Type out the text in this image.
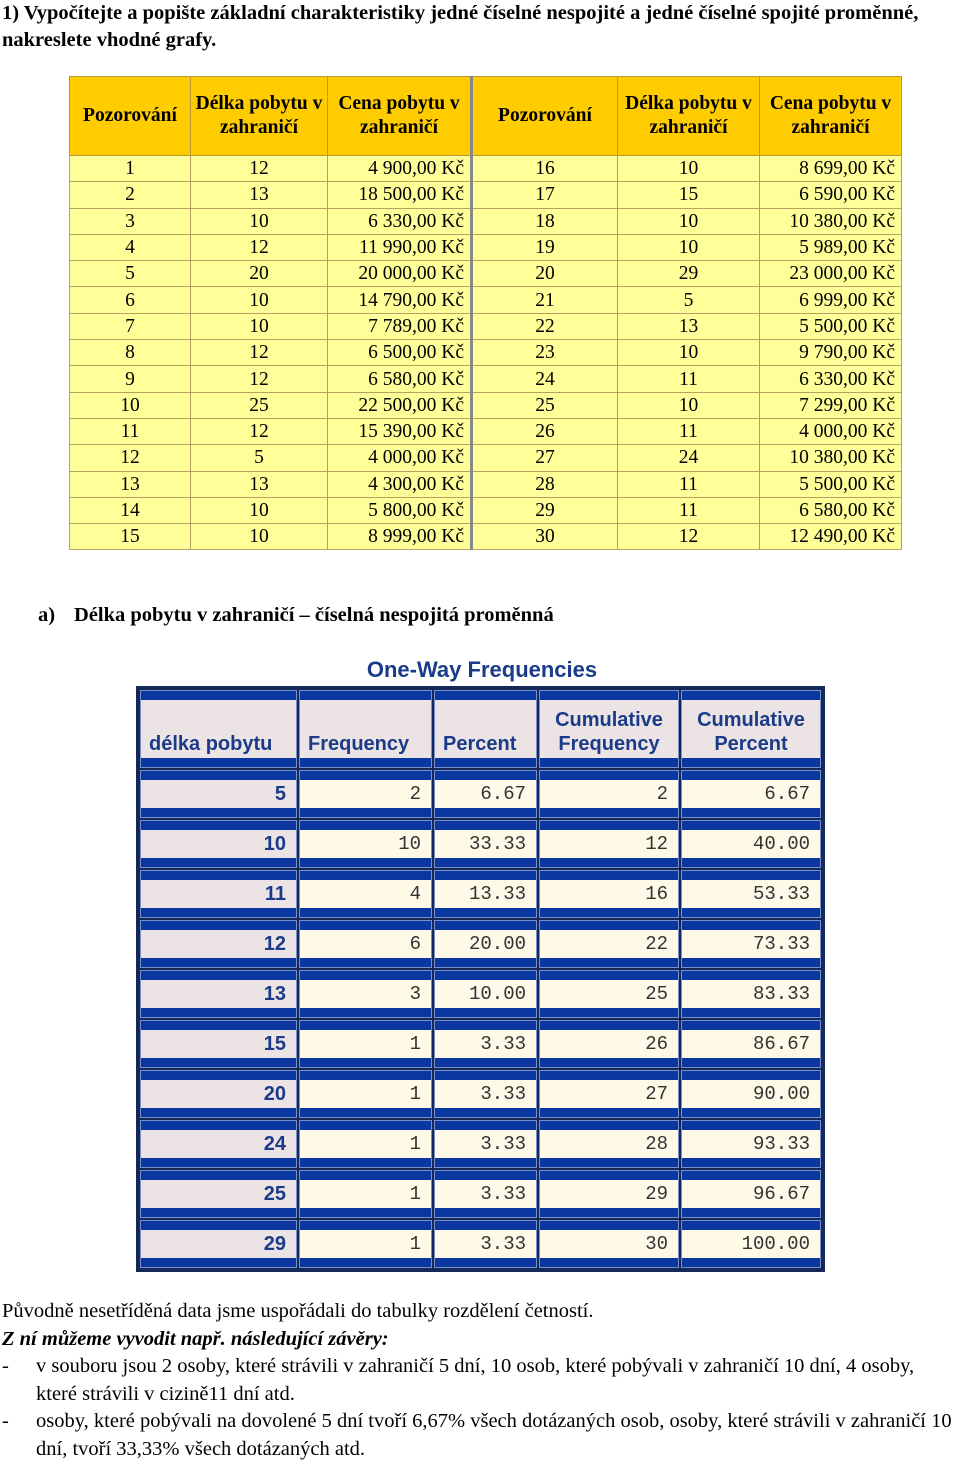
1) Vypočítejte a popište základní charakteristiky jedné číselné nespojité a jedné číselné spojité proměnné, nakreslete vhodné grafy.
Pozorování	Délka pobytu v zahraničí	Cena pobytu v zahraničí	Pozorování	Délka pobytu v zahraničí	Cena pobytu v zahraničí
1	12	4 900,00 Kč	16	10	8 699,00 Kč
2	13	18 500,00 Kč	17	15	6 590,00 Kč
3	10	6 330,00 Kč	18	10	10 380,00 Kč
4	12	11 990,00 Kč	19	10	5 989,00 Kč
5	20	20 000,00 Kč	20	29	23 000,00 Kč
6	10	14 790,00 Kč	21	5	6 999,00 Kč
7	10	7 789,00 Kč	22	13	5 500,00 Kč
8	12	6 500,00 Kč	23	10	9 790,00 Kč
9	12	6 580,00 Kč	24	11	6 330,00 Kč
10	25	22 500,00 Kč	25	10	7 299,00 Kč
11	12	15 390,00 Kč	26	11	4 000,00 Kč
12	5	4 000,00 Kč	27	24	10 380,00 Kč
13	13	4 300,00 Kč	28	11	5 500,00 Kč
14	10	5 800,00 Kč	29	11	6 580,00 Kč
15	10	8 999,00 Kč	30	12	12 490,00 Kč
a) Délka pobytu v zahraničí – číselná nespojitá proměnná
One-Way Frequencies
délka pobytu	Frequency	Percent	Cumulative Frequency	Cumulative Percent

5	2	6.67	2	6.67

10	10	33.33	12	40.00

11	4	13.33	16	53.33

12	6	20.00	22	73.33

13	3	10.00	25	83.33

15	1	3.33	26	86.67

20	1	3.33	27	90.00

24	1	3.33	28	93.33

25	1	3.33	29	96.67

29	1	3.33	30	100.00
Původně nesetříděná data jsme uspořádali do tabulky rozdělení četností.
Z ní můžeme vyvodit např. následující závěry:
-	v souboru jsou 2 osoby, které strávili v zahraničí 5 dní, 10 osob, které pobývali v zahraničí 10 dní, 4 osoby, které strávili v cizině11 dní atd.
-	osoby, které pobývali na dovolené 5 dní tvoří 6,67% všech dotázaných osob, osoby, které strávili v zahraničí 10 dní, tvoří 33,33% všech dotázaných atd.
